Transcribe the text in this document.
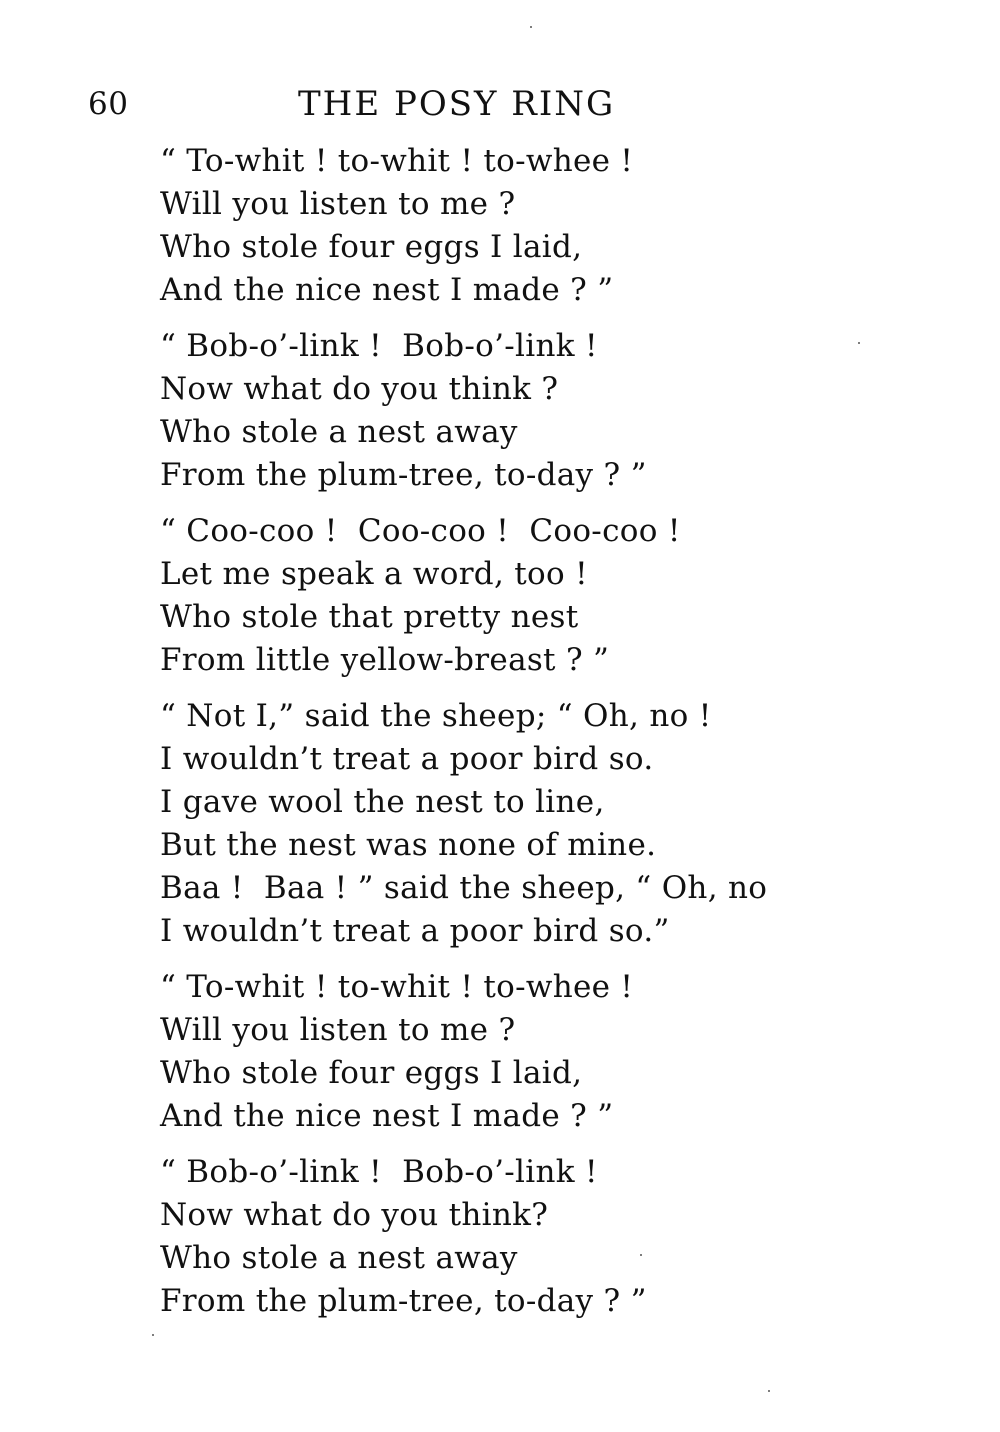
60	THE POSY RING
“ To-whit ! to-whit ! to-whee !
Will you listen to me ?
Who stole four eggs I laid,
And the nice nest I made ? ”
“ Bob-o’-link !  Bob-o’-link !
Now what do you think ?
Who stole a nest away
From the plum-tree, to-day ? ”
“ Coo-coo !  Coo-coo !  Coo-coo !
Let me speak a word, too !
Who stole that pretty nest
From little yellow-breast ? ”
“ Not I,” said the sheep; “ Oh, no !
I wouldn’t treat a poor bird so.
I gave wool the nest to line,
But the nest was none of mine.
Baa !  Baa ! ” said the sheep, “ Oh, no
I wouldn’t treat a poor bird so.”
“ To-whit ! to-whit ! to-whee !
Will you listen to me ?
Who stole four eggs I laid,
And the nice nest I made ? ”
“ Bob-o’-link !  Bob-o’-link !
Now what do you think?
Who stole a nest away
From the plum-tree, to-day ? ”
